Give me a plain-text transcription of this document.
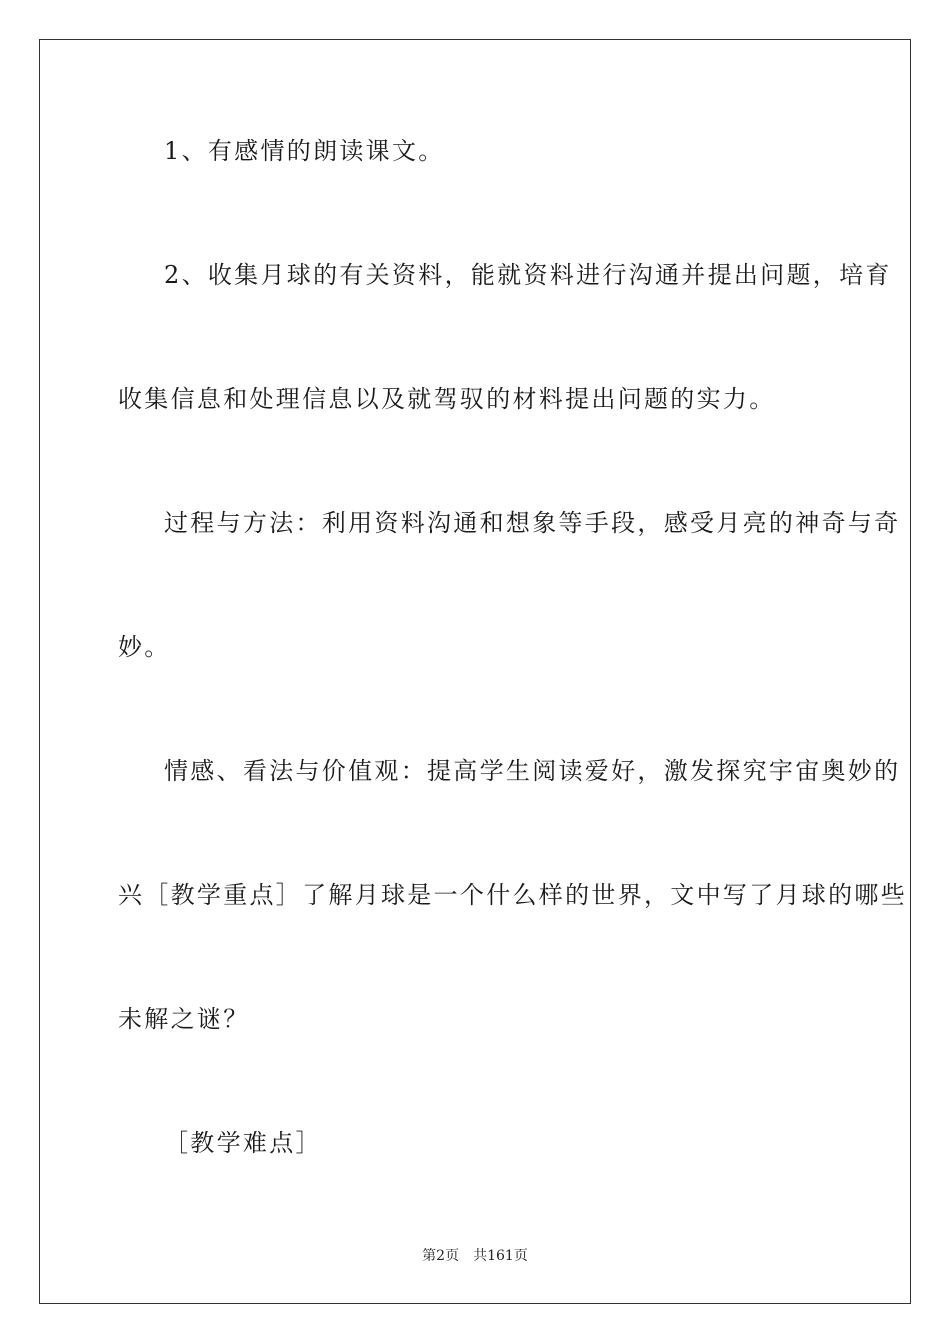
1、有感情的朗读课文。
2、收集月球的有关资料，能就资料进行沟通并提出问题，培育
收集信息和处理信息以及就驾驭的材料提出问题的实力。
过程与方法：利用资料沟通和想象等手段，感受月亮的神奇与奇
妙。
情感、看法与价值观：提高学生阅读爱好，激发探究宇宙奥妙的
兴［教学重点］了解月球是一个什么样的世界，文中写了月球的哪些
未解之谜？
［教学难点］
第2页 共161页
